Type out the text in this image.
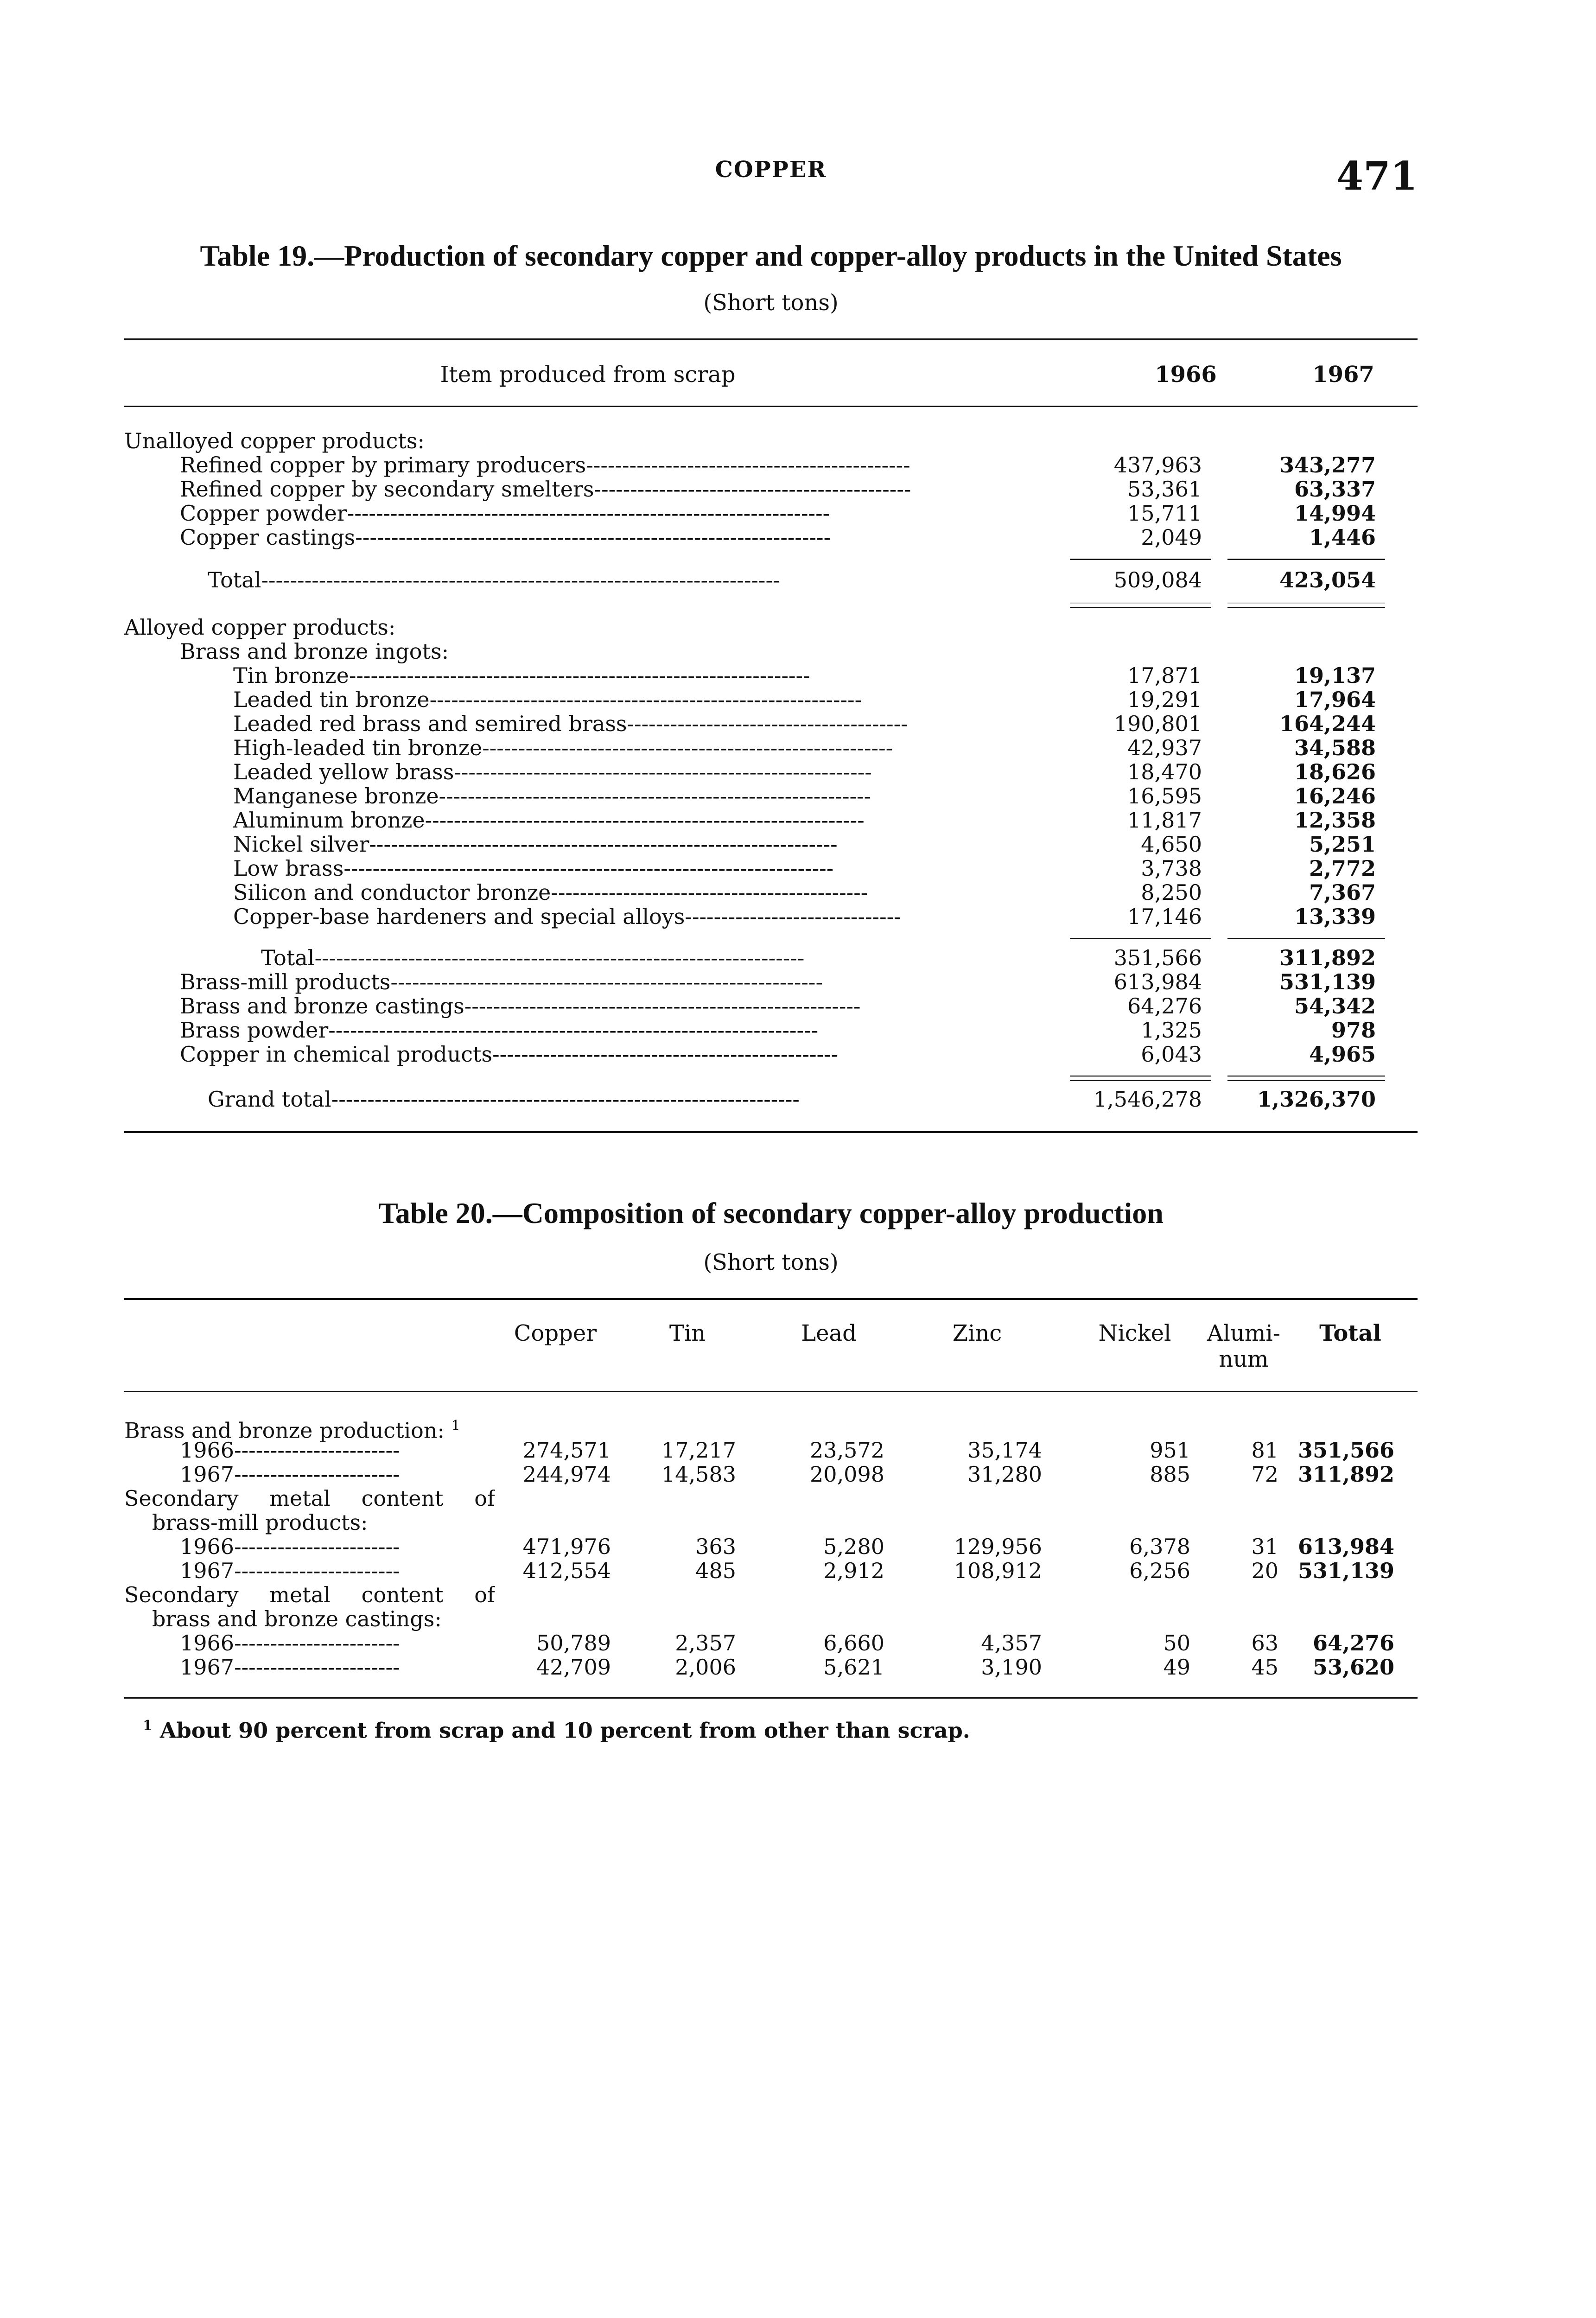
COPPER	471
Table 19.—Production of secondary copper and copper-alloy products in the United States
(Short tons)
Item produced from scrap	1966	1967
Unalloyed copper products:
Refined copper by primary producers---------------------------------------------	437,963	343,277
Refined copper by secondary smelters--------------------------------------------	53,361	63,337
Copper powder-------------------------------------------------------------------	15,711	14,994
Copper castings------------------------------------------------------------------	2,049	1,446
Total------------------------------------------------------------------------	509,084	423,054
Alloyed copper products:
Brass and bronze ingots:
Tin bronze----------------------------------------------------------------	17,871	19,137
Leaded tin bronze------------------------------------------------------------	19,291	17,964
Leaded red brass and semired brass---------------------------------------	190,801	164,244
High-leaded tin bronze---------------------------------------------------------	42,937	34,588
Leaded yellow brass----------------------------------------------------------	18,470	18,626
Manganese bronze------------------------------------------------------------	16,595	16,246
Aluminum bronze-------------------------------------------------------------	11,817	12,358
Nickel silver-----------------------------------------------------------------	4,650	5,251
Low brass--------------------------------------------------------------------	3,738	2,772
Silicon and conductor bronze--------------------------------------------	8,250	7,367
Copper-base hardeners and special alloys------------------------------	17,146	13,339
Total--------------------------------------------------------------------	351,566	311,892
Brass-mill products------------------------------------------------------------	613,984	531,139
Brass and bronze castings-------------------------------------------------------	64,276	54,342
Brass powder--------------------------------------------------------------------	1,325	978
Copper in chemical products------------------------------------------------	6,043	4,965
Grand total-----------------------------------------------------------------	1,546,278	1,326,370
Table 20.—Composition of secondary copper-alloy production
(Short tons)
Copper	Tin	Lead	Zinc	Nickel	Alumi-
num
Total
Brass and bronze production: $^1$
1966-----------------------	274,571	17,217	23,572	35,174	951	81 351,566
1967-----------------------	244,974	14,583	20,098	31,280	885	72 311,892
Secondary metal content of
brass-mill products:
1966-----------------------	471,976	363	5,280	129,956	6,378	31 613,984
1967-----------------------	412,554	485	2,912	108,912	6,256	20 531,139
Secondary metal content of
brass and bronze castings:
1966-----------------------	50,789	2,357	6,660	4,357	50	63	64,276
1967-----------------------	42,709	2,006	5,621	3,190	49	45	53,620
$^1$ About 90 percent from scrap and 10 percent from other than scrap.
